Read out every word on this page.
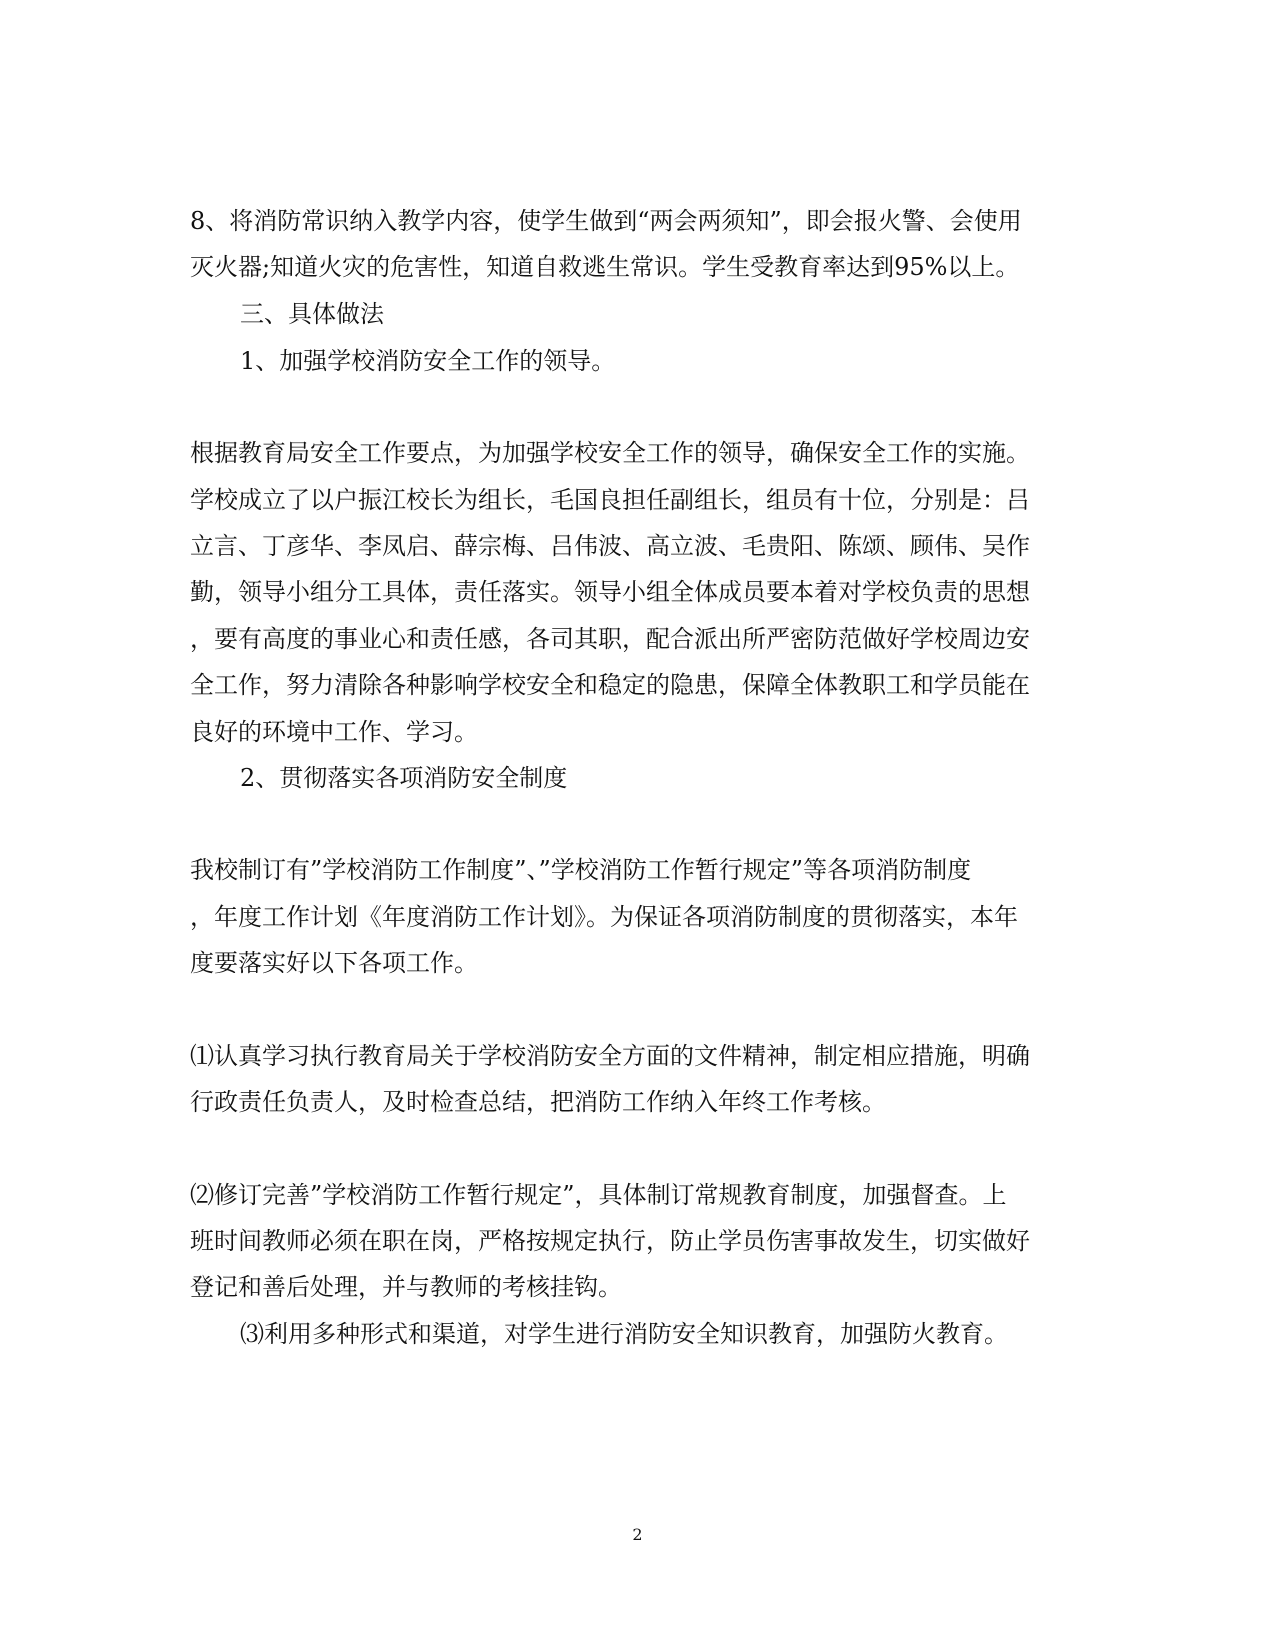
8、将消防常识纳入教学内容，使学生做到“两会两须知”，即会报火警、会使用
灭火器;知道火灾的危害性，知道自救逃生常识。学生受教育率达到95%以上。
三、具体做法
1、加强学校消防安全工作的领导。
根据教育局安全工作要点，为加强学校安全工作的领导，确保安全工作的实施。
学校成立了以户振江校长为组长，毛国良担任副组长，组员有十位，分别是：吕
立言、丁彦华、李凤启、薛宗梅、吕伟波、高立波、毛贵阳、陈颂、顾伟、吴作
勤，领导小组分工具体，责任落实。领导小组全体成员要本着对学校负责的思想
，要有高度的事业心和责任感，各司其职，配合派出所严密防范做好学校周边安
全工作，努力清除各种影响学校安全和稳定的隐患，保障全体教职工和学员能在
良好的环境中工作、学习。
2、贯彻落实各项消防安全制度
我校制订有”学校消防工作制度”、”学校消防工作暂行规定”等各项消防制度
，年度工作计划《年度消防工作计划》。为保证各项消防制度的贯彻落实，本年
度要落实好以下各项工作。
⑴认真学习执行教育局关于学校消防安全方面的文件精神，制定相应措施，明确
行政责任负责人，及时检查总结，把消防工作纳入年终工作考核。
⑵修订完善”学校消防工作暂行规定”，具体制订常规教育制度，加强督查。上
班时间教师必须在职在岗，严格按规定执行，防止学员伤害事故发生，切实做好
登记和善后处理，并与教师的考核挂钩。
⑶利用多种形式和渠道，对学生进行消防安全知识教育，加强防火教育。
2
